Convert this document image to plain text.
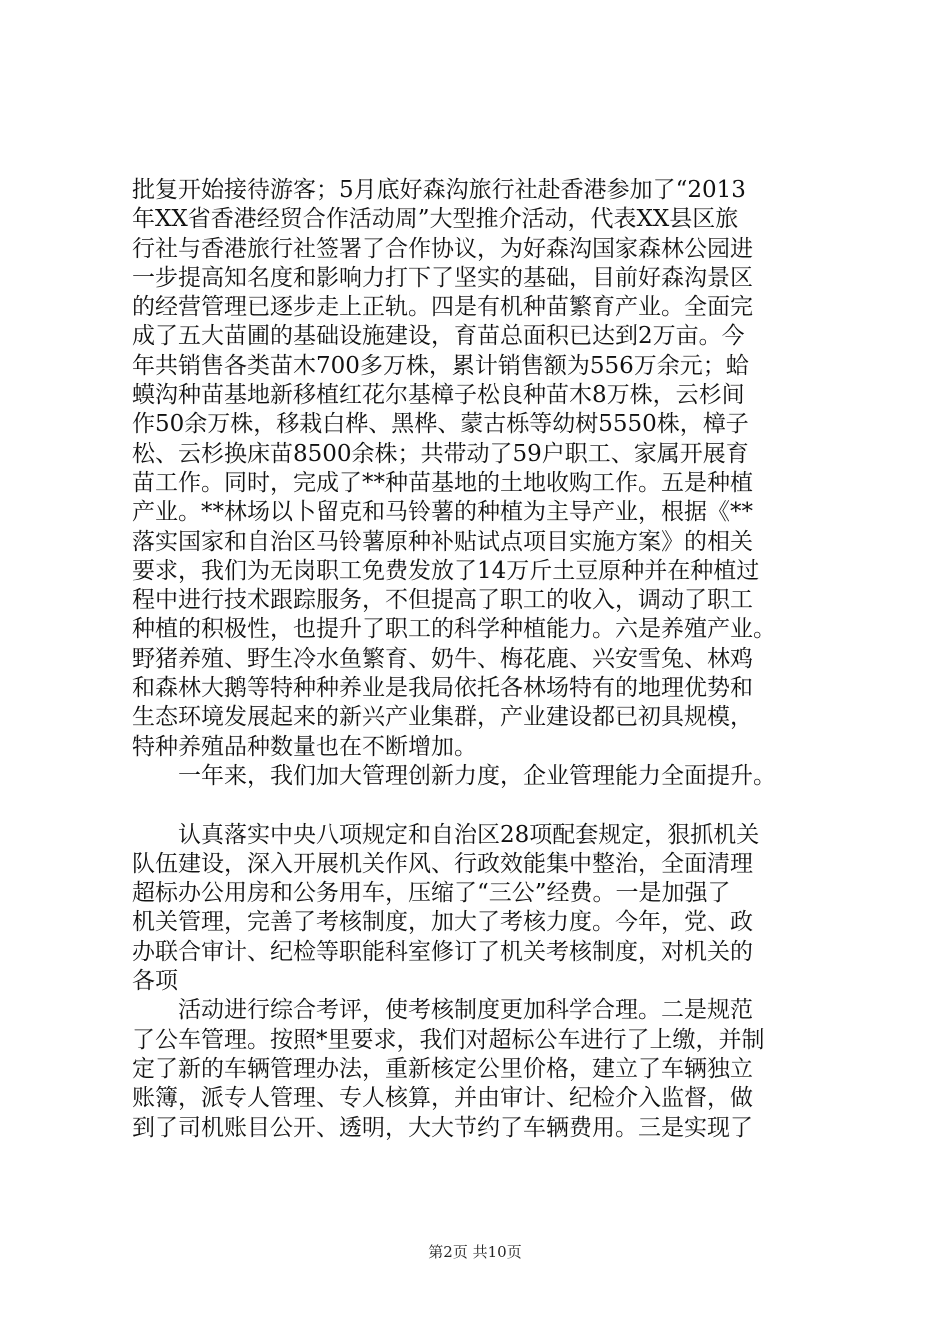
批复开始接待游客；5月底好森沟旅行社赴香港参加了“2013
年XX省香港经贸合作活动周”大型推介活动，代表XX县区旅
行社与香港旅行社签署了合作协议，为好森沟国家森林公园进
一步提高知名度和影响力打下了坚实的基础，目前好森沟景区
的经营管理已逐步走上正轨。四是有机种苗繁育产业。全面完
成了五大苗圃的基础设施建设，育苗总面积已达到2万亩。今
年共销售各类苗木700多万株，累计销售额为556万余元；蛤
蟆沟种苗基地新移植红花尔基樟子松良种苗木8万株，云杉间
作50余万株，移栽白桦、黑桦、蒙古栎等幼树5550株，樟子
松、云杉换床苗8500余株；共带动了59户职工、家属开展育
苗工作。同时，完成了**种苗基地的土地收购工作。五是种植
产业。**林场以卜留克和马铃薯的种植为主导产业，根据《**
落实国家和自治区马铃薯原种补贴试点项目实施方案》的相关
要求，我们为无岗职工免费发放了14万斤土豆原种并在种植过
程中进行技术跟踪服务，不但提高了职工的收入，调动了职工
种植的积极性，也提升了职工的科学种植能力。六是养殖产业。
野猪养殖、野生冷水鱼繁育、奶牛、梅花鹿、兴安雪兔、林鸡
和森林大鹅等特种种养业是我局依托各林场特有的地理优势和
生态环境发展起来的新兴产业集群，产业建设都已初具规模，
特种养殖品种数量也在不断增加。
一年来，我们加大管理创新力度，企业管理能力全面提升。
认真落实中央八项规定和自治区28项配套规定，狠抓机关
队伍建设，深入开展机关作风、行政效能集中整治，全面清理
超标办公用房和公务用车，压缩了“三公”经费。一是加强了
机关管理，完善了考核制度，加大了考核力度。今年，党、政
办联合审计、纪检等职能科室修订了机关考核制度，对机关的
各项
活动进行综合考评，使考核制度更加科学合理。二是规范
了公车管理。按照*里要求，我们对超标公车进行了上缴，并制
定了新的车辆管理办法，重新核定公里价格，建立了车辆独立
账簿，派专人管理、专人核算，并由审计、纪检介入监督，做
到了司机账目公开、透明，大大节约了车辆费用。三是实现了
第2页 共10页
